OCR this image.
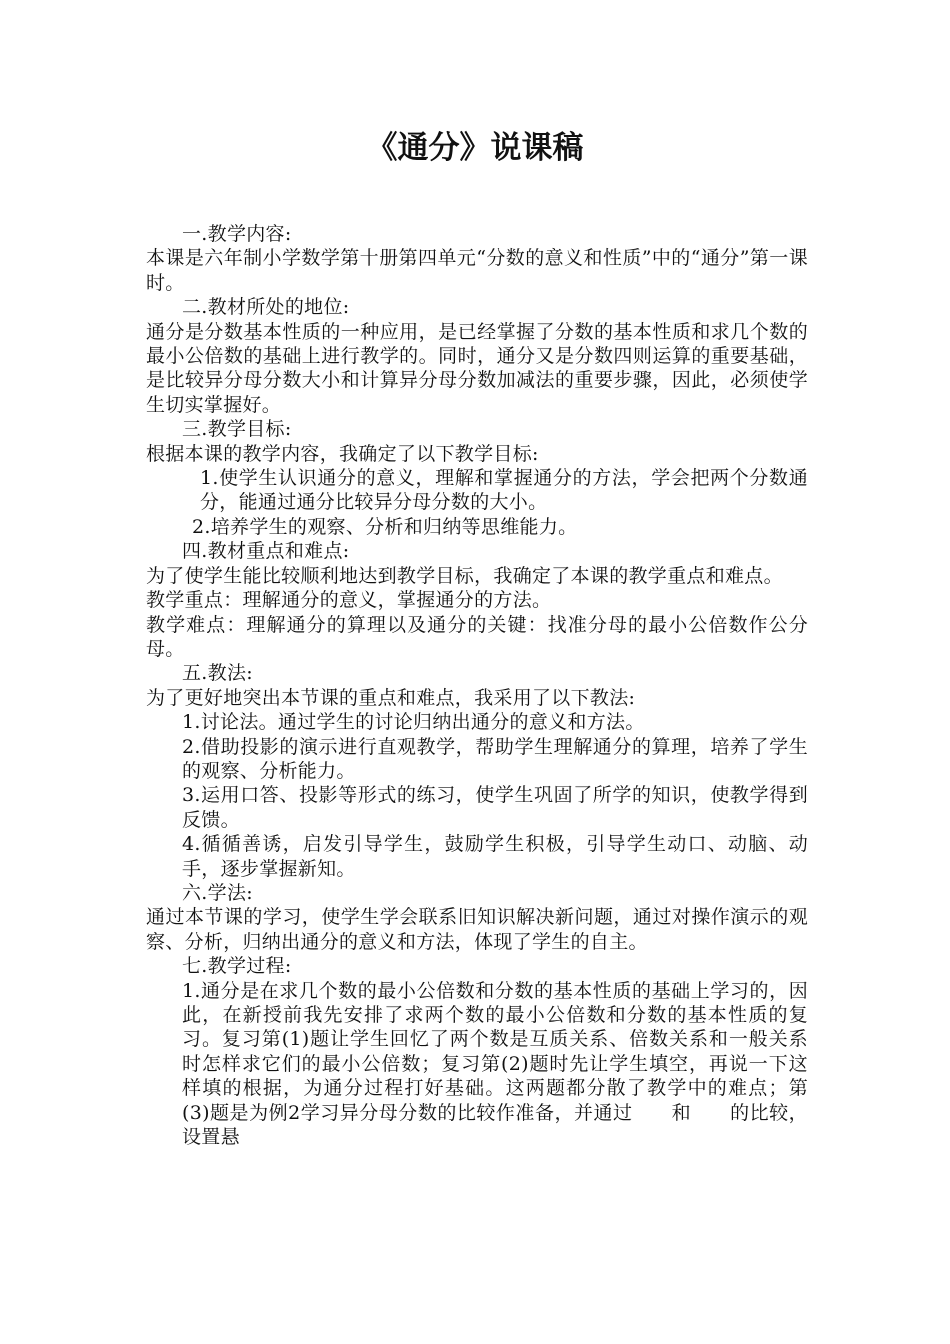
《通分》说课稿

一.教学内容:

本课是六年制小学数学第十册第四单元“分数的意义和性质”中的“通分”第一课时。

二.教材所处的地位:

通分是分数基本性质的一种应用，是已经掌握了分数的基本性质和求几个数的最小公倍数的基础上进行教学的。同时，通分又是分数四则运算的重要基础，是比较异分母分数大小和计算异分母分数加减法的重要步骤，因此，必须使学生切实掌握好。

三.教学目标:

根据本课的教学内容，我确定了以下教学目标:

1.使学生认识通分的意义，理解和掌握通分的方法，学会把两个分数通分，能通过通分比较异分母分数的大小。

2.培养学生的观察、分析和归纳等思维能力。

四.教材重点和难点:

为了使学生能比较顺利地达到教学目标，我确定了本课的教学重点和难点。

教学重点：理解通分的意义，掌握通分的方法。

教学难点：理解通分的算理以及通分的关键：找准分母的最小公倍数作公分母。

五.教法:

为了更好地突出本节课的重点和难点，我采用了以下教法:

1.讨论法。通过学生的讨论归纳出通分的意义和方法。

2.借助投影的演示进行直观教学，帮助学生理解通分的算理，培养了学生的观察、分析能力。

3.运用口答、投影等形式的练习，使学生巩固了所学的知识，使教学得到反馈。

4.循循善诱，启发引导学生，鼓励学生积极，引导学生动口、动脑、动手，逐步掌握新知。

六.学法:

通过本节课的学习，使学生学会联系旧知识解决新问题，通过对操作演示的观察、分析，归纳出通分的意义和方法，体现了学生的自主。

七.教学过程:

1.通分是在求几个数的最小公倍数和分数的基本性质的基础上学习的，因此，在新授前我先安排了求两个数的最小公倍数和分数的基本性质的复习。复习第(1)题让学生回忆了两个数是互质关系、倍数关系和一般关系时怎样求它们的最小公倍数；复习第(2)题时先让学生填空，再说一下这样填的根据，为通分过程打好基础。这两题都分散了教学中的难点；第(3)题是为例2学习异分母分数的比较作准备，并通过　　和　　的比较，设置悬
